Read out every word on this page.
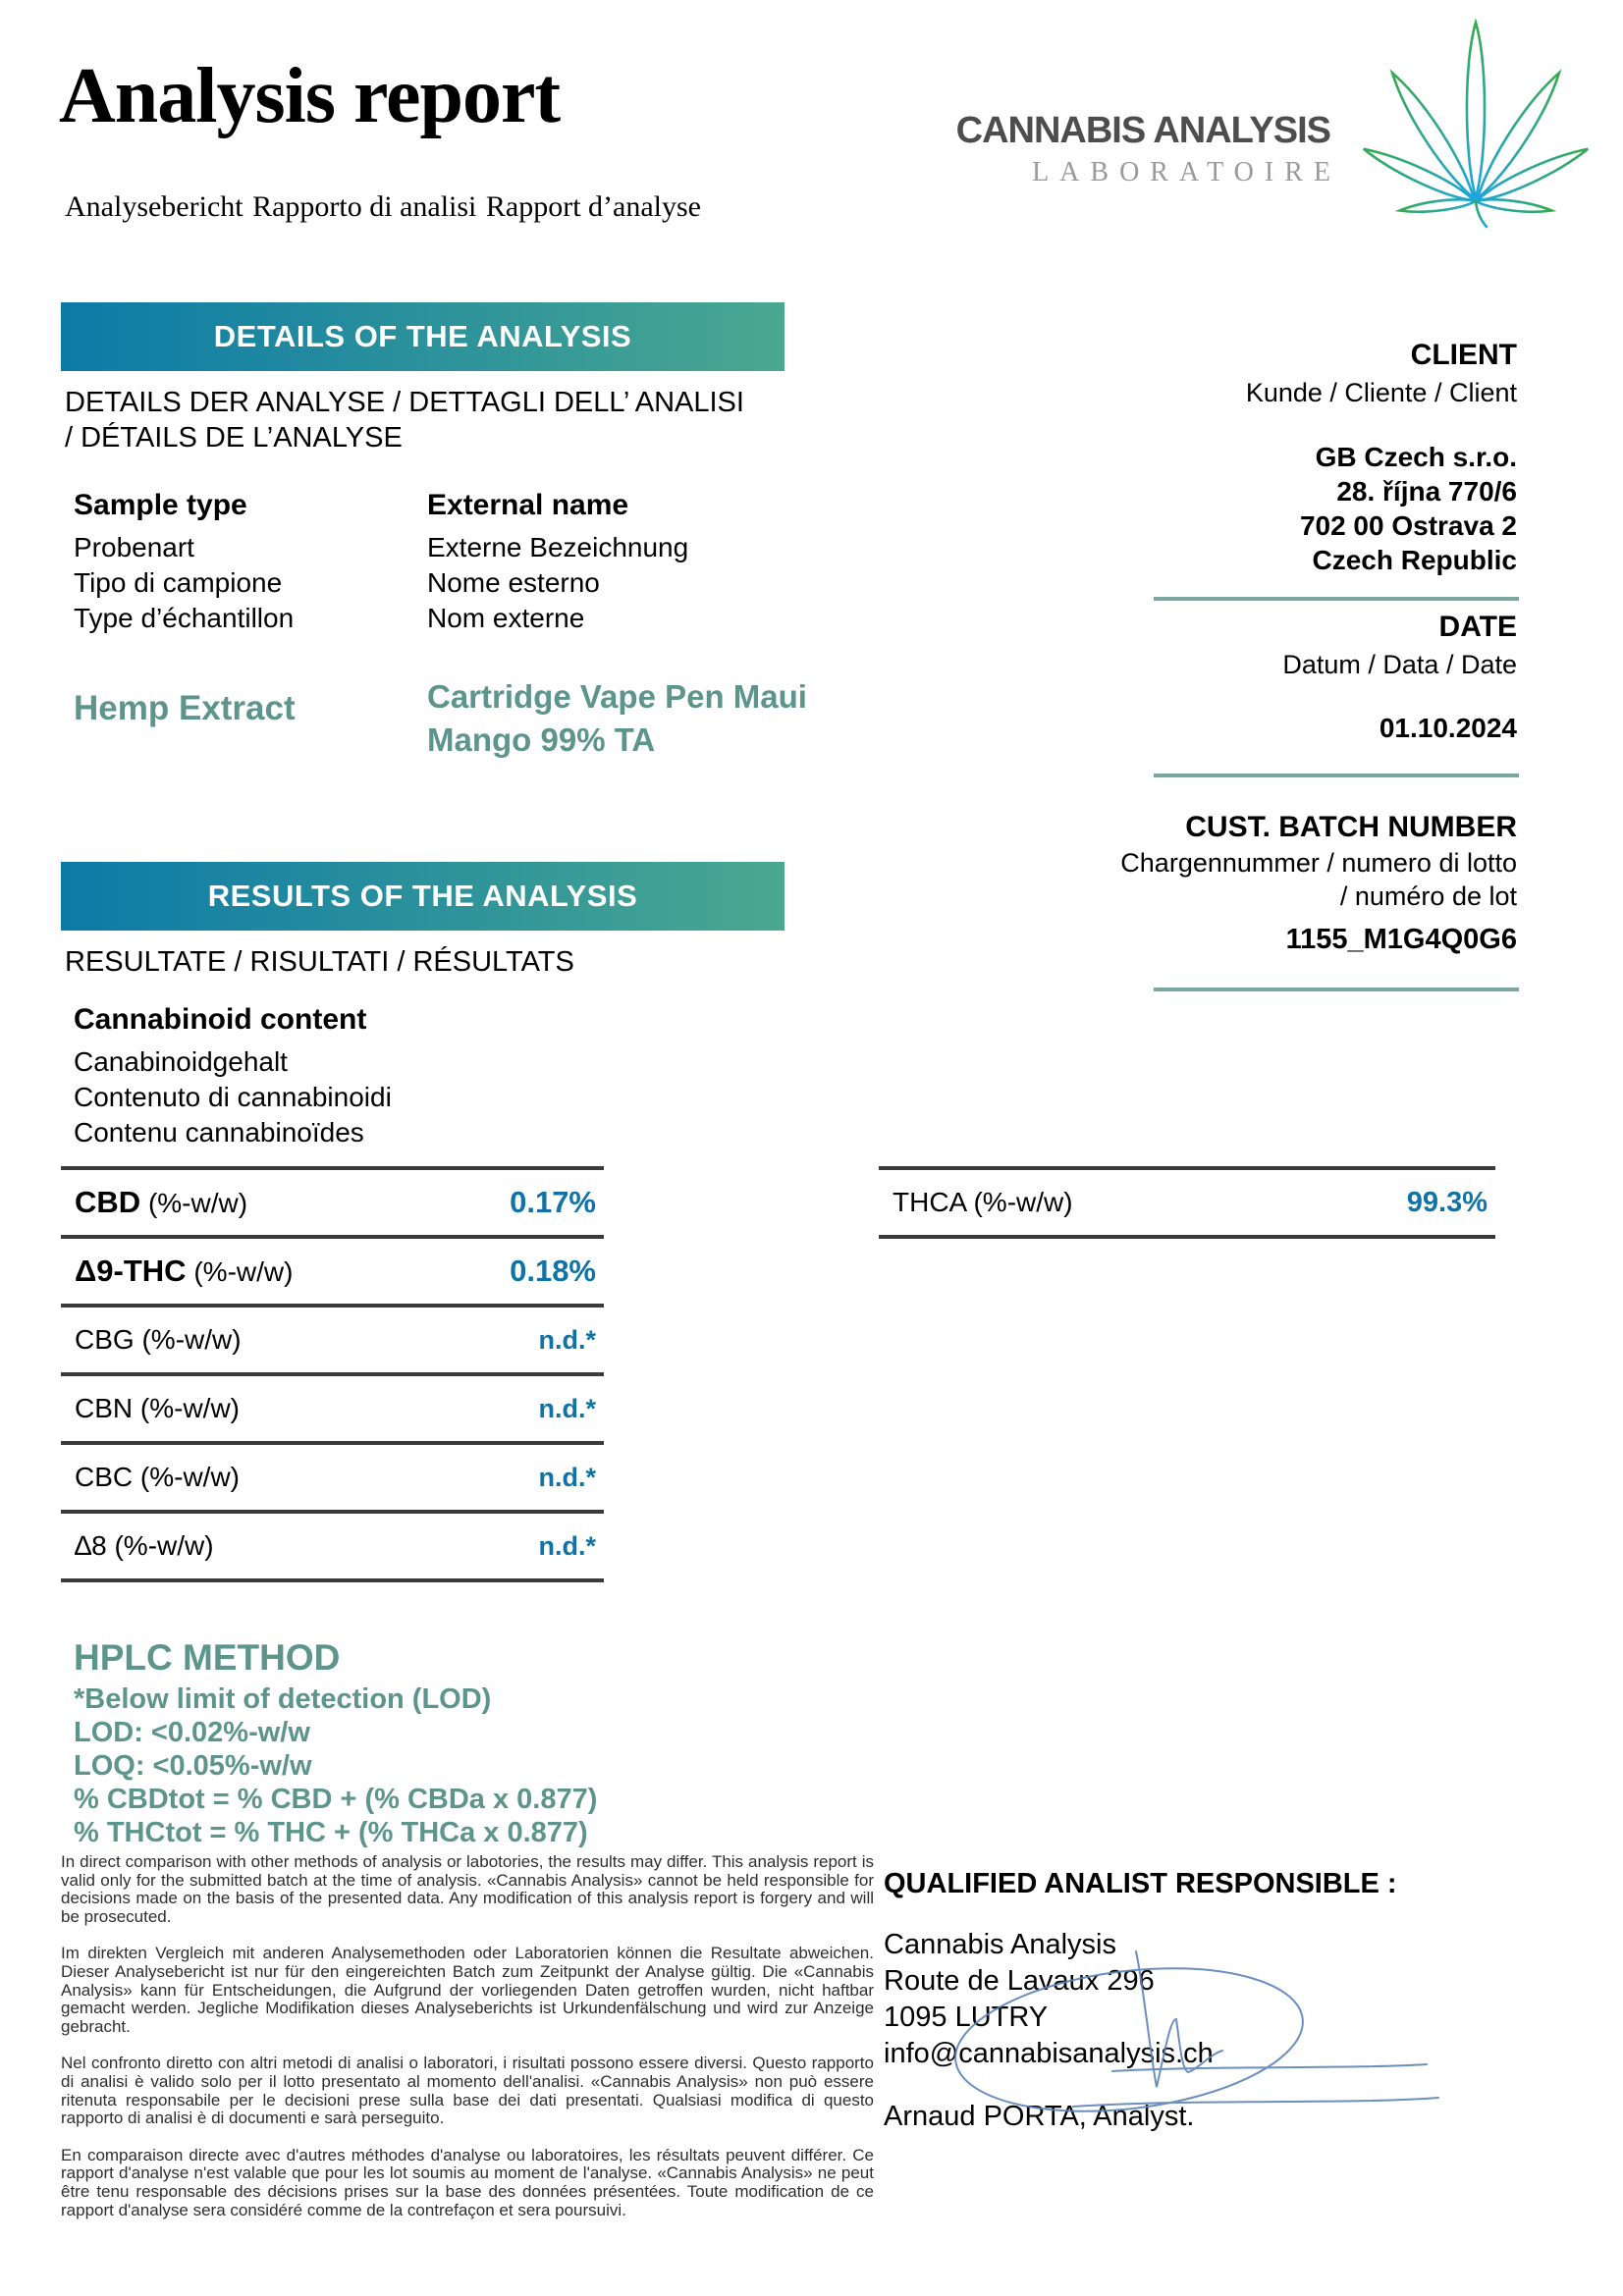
Analysis report
Analysebericht Rapporto di analisi Rapport d’analyse
CANNABIS ANALYSIS
LABORATOIRE
DETAILS OF THE ANALYSIS
DETAILS DER ANALYSE / DETTAGLI DELL’ ANALISI / DÉTAILS DE L’ANALYSE
Sample type
Probenart
Tipo di campione
Type d’échantillon
Hemp Extract
External name
Externe Bezeichnung
Nome esterno
Nom externe
Cartridge Vape Pen Maui Mango 99% TA
CLIENT
Kunde / Cliente / Client
GB Czech s.r.o.
28. října 770/6
702 00 Ostrava 2
Czech Republic
DATE
Datum / Data / Date
01.10.2024
CUST. BATCH NUMBER
Chargennummer / numero di lotto
/ numéro de lot
1155_M1G4Q0G6
RESULTS OF THE ANALYSIS
RESULTATE / RISULTATI / RÉSULTATS
Cannabinoid content
Canabinoidgehalt
Contenuto di cannabinoidi
Contenu cannabinoïdes
CBD (%-w/w)	0.17%
Δ9-THC (%-w/w)	0.18%
CBG (%-w/w)	n.d.*
CBN (%-w/w)	n.d.*
CBC (%-w/w)	n.d.*
∆8 (%-w/w)	n.d.*
THCA (%-w/w)	99.3%
HPLC METHOD
*Below limit of detection (LOD)
LOD: <0.02%-w/w
LOQ: <0.05%-w/w
% CBDtot = % CBD + (% CBDa x 0.877)
% THCtot = % THC + (% THCa x 0.877)

In direct comparison with other methods of analysis or labotories, the results may differ. This analysis report is valid only for the submitted batch at the time of analysis. «Cannabis Analysis» cannot be held responsible for decisions made on the basis of the presented data. Any modification of this analysis report is forgery and will be prosecuted.

Im direkten Vergleich mit anderen Analysemethoden oder Laboratorien können die Resultate abweichen. Dieser Analysebericht ist nur für den eingereichten Batch zum Zeitpunkt der Analyse gültig. Die «Cannabis Analysis» kann für Entscheidungen, die Aufgrund der vorliegenden Daten getroffen wurden, nicht haftbar gemacht werden. Jegliche Modifikation dieses Analyseberichts ist Urkundenfälschung und wird zur Anzeige gebracht.

Nel confronto diretto con altri metodi di analisi o laboratori, i risultati possono essere diversi. Questo rapporto di analisi è valido solo per il lotto presentato al momento dell'analisi. «Cannabis Analysis» non può essere ritenuta responsabile per le decisioni prese sulla base dei dati presentati. Qualsiasi modifica di questo rapporto di analisi è di documenti e sarà perseguito.

En comparaison directe avec d'autres méthodes d'analyse ou laboratoires, les résultats peuvent différer. Ce rapport d'analyse n'est valable que pour les lot soumis au moment de l'analyse. «Cannabis Analysis» ne peut être tenu responsable des décisions prises sur la base des données présentées. Toute modification de ce rapport d'analyse sera considéré comme de la contrefaçon et sera poursuivi.

QUALIFIED ANALIST RESPONSIBLE :
Cannabis Analysis
Route de Lavaux 296
1095 LUTRY
info@cannabisanalysis.ch
Arnaud PORTA, Analyst.
